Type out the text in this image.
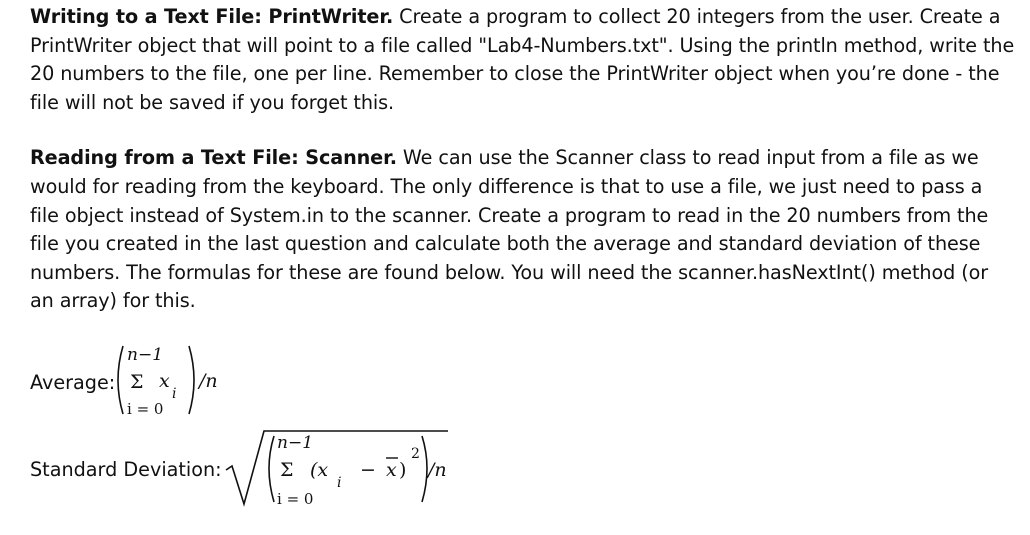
Writing to a Text File: PrintWriter. Create a program to collect 20 integers from the user. Create a PrintWriter object that will point to a file called "Lab4-Numbers.txt". Using the println method, write the 20 numbers to the file, one per line. Remember to close the PrintWriter object when you’re done - the file will not be saved if you forget this.

Reading from a Text File: Scanner. We can use the Scanner class to read input from a file as we would for reading from the keyboard. The only difference is that to use a file, we just need to pass a file object instead of System.in to the scanner. Create a program to read in the 20 numbers from the file you created in the last question and calculate both the average and standard deviation of these numbers. The formulas for these are found below. You will need the scanner.hasNextInt() method (or an array) for this.

Average:
n−1
Σ x
i
i = 0
/n
Standard Deviation:
n−1
Σ (x
i
− x )
2
i = 0
/n
